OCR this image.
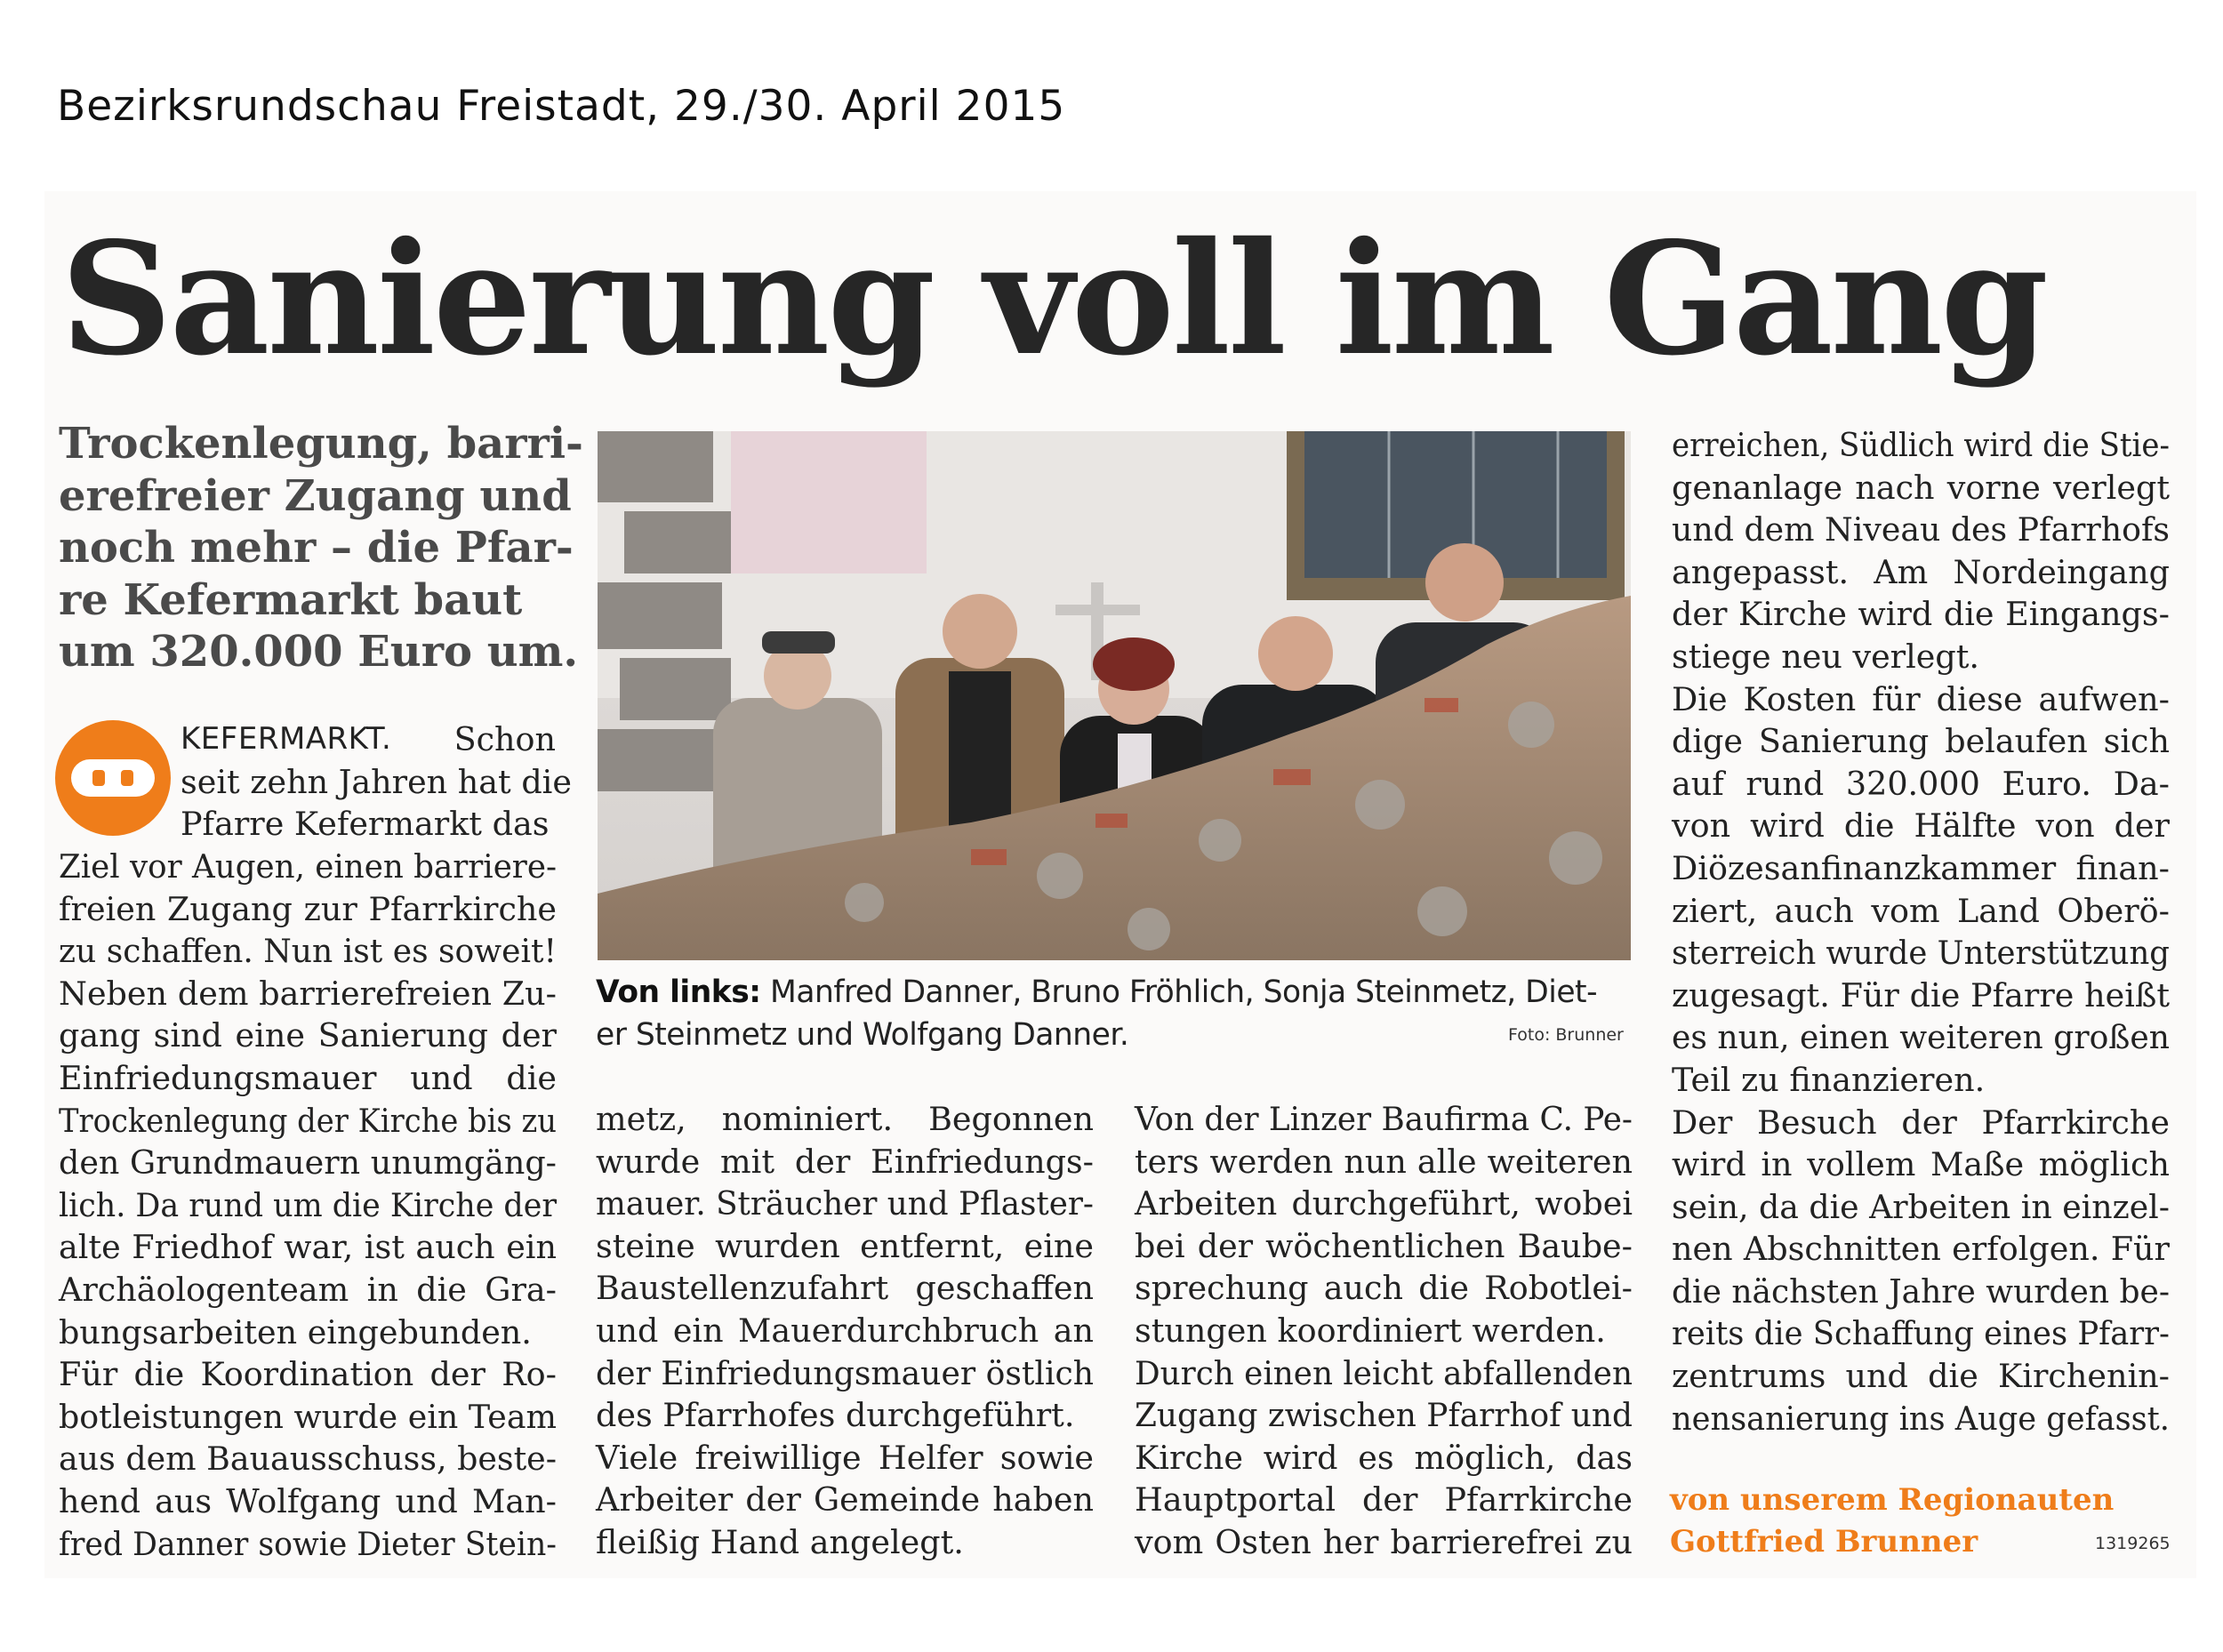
Bezirksrundschau Freistadt, 29./30. April 2015
Sanierung voll im Gang
Trockenlegung, barri-
erefreier Zugang und
noch mehr – die Pfar-
re Kefermarkt baut
um 320.000 Euro um.
KEFERMARKT. Schon
seit zehn Jahren hat die
Pfarre Kefermarkt das

Ziel vor Augen, einen barriere-

freien Zugang zur Pfarrkirche

zu schaffen. Nun ist es soweit!

Neben dem barrierefreien Zu-

gang sind eine Sanierung der

Einfriedungsmauer und die

Trockenlegung der Kirche bis zu

den Grundmauern unumgäng-

lich. Da rund um die Kirche der

alte Friedhof war, ist auch ein

Archäologenteam in die Gra-

bungsarbeiten eingebunden.

Für die Koordination der Ro-

botleistungen wurde ein Team

aus dem Bauausschuss, beste-

hend aus Wolfgang und Man-

fred Danner sowie Dieter Stein-

Von links: Manfred Danner, Bruno Fröhlich, Sonja Steinmetz, Diet-
er Steinmetz und Wolfgang Danner.	Foto: Brunner

metz, nominiert. Begonnen

wurde mit der Einfriedungs-

mauer. Sträucher und Pflaster-

steine wurden entfernt, eine

Baustellenzufahrt geschaffen

und ein Mauerdurchbruch an

der Einfriedungsmauer östlich

des Pfarrhofes durchgeführt.

Viele freiwillige Helfer sowie

Arbeiter der Gemeinde haben

fleißig Hand angelegt.

Von der Linzer Baufirma C. Pe-

ters werden nun alle weiteren

Arbeiten durchgeführt, wobei

bei der wöchentlichen Baube-

sprechung auch die Robotlei-

stungen koordiniert werden.

Durch einen leicht abfallenden

Zugang zwischen Pfarrhof und

Kirche wird es möglich, das

Hauptportal der Pfarrkirche

vom Osten her barrierefrei zu

erreichen, Südlich wird die Stie-

genanlage nach vorne verlegt

und dem Niveau des Pfarrhofs

angepasst. Am Nordeingang

der Kirche wird die Eingangs-

stiege neu verlegt.

Die Kosten für diese aufwen-

dige Sanierung belaufen sich

auf rund 320.000 Euro. Da-

von wird die Hälfte von der

Diözesanfinanzkammer finan-

ziert, auch vom Land Oberö-

sterreich wurde Unterstützung

zugesagt. Für die Pfarre heißt

es nun, einen weiteren großen

Teil zu finanzieren.

Der Besuch der Pfarrkirche

wird in vollem Maße möglich

sein, da die Arbeiten in einzel-

nen Abschnitten erfolgen. Für

die nächsten Jahre wurden be-

reits die Schaffung eines Pfarr-

zentrums und die Kirchenin-

nensanierung ins Auge gefasst.

von unserem Regionauten
Gottfried Brunner	1319265
